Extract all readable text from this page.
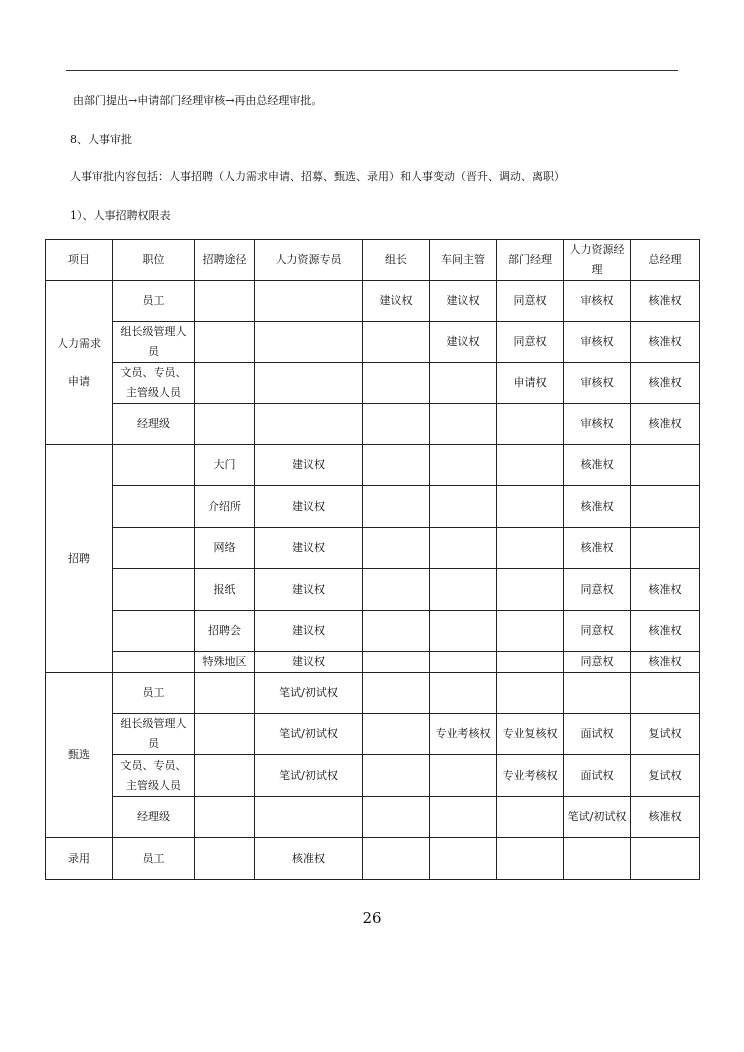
由部门提出→申请部门经理审核→再由总经理审批。
8、人事审批
人事审批内容包括：人事招聘（人力需求申请、招募、甄选、录用）和人事变动（晋升、调动、离职）
1）、人事招聘权限表
项目	职位	招聘途径	人力资源专员	组长	车间主管	部门经理	人力资源经理	总经理
人力需求申请	员工			建议权	建议权	同意权	审核权	核准权
	组长级管理人员				建议权	同意权	审核权	核准权
	文员、专员、主管级人员					申请权	审核权	核准权
	经理级						审核权	核准权
招聘		大门	建议权				核准权	
		介绍所	建议权				核准权	
		网络	建议权				核准权	
		报纸	建议权				同意权	核准权
		招聘会	建议权				同意权	核准权
		特殊地区	建议权				同意权	核准权
甄选	员工		笔试/初试权					
	组长级管理人员		笔试/初试权		专业考核权	专业复核权	面试权	复试权
	文员、专员、主管级人员		笔试/初试权			专业考核权	面试权	复试权
	经理级						笔试/初试权	核准权
录用	员工		核准权					
26
